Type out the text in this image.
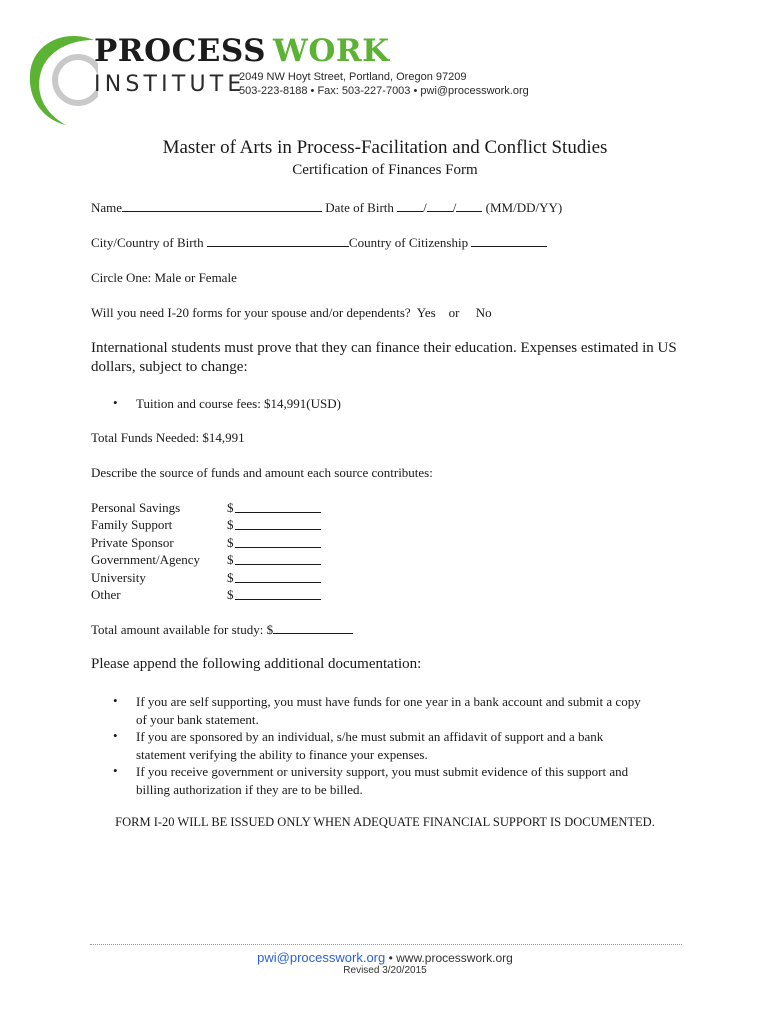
PROCESS WORK
INSTITUTE
2049 NW Hoyt Street, Portland, Oregon 97209
503-223-8188 • Fax: 503-227-7003 • pwi@processwork.org
Master of Arts in Process-Facilitation and Conflict Studies
Certification of Finances Form
Name	Date of Birth / / (MM/DD/YY)
City/Country of Birth	Country of Citizenship
Circle One: Male or Female
Will you need I-20 forms for your spouse and/or dependents? Yes or No
International students must prove that they can finance their education. Expenses estimated in US dollars, subject to change:
• Tuition and course fees: $14,991(USD)
Total Funds Needed: $14,991
Describe the source of funds and amount each source contributes:
Personal Savings	$
Family Support	$
Private Sponsor	$
Government/Agency $
University	$
Other	$
Total amount available for study: $
Please append the following additional documentation:
• If you are self supporting, you must have funds for one year in a bank account and submit a copy
of your bank statement.
• If you are sponsored by an individual, s/he must submit an affidavit of support and a bank
statement verifying the ability to finance your expenses.
• If you receive government or university support, you must submit evidence of this support and
billing authorization if they are to be billed.
FORM I-20 WILL BE ISSUED ONLY WHEN ADEQUATE FINANCIAL SUPPORT IS DOCUMENTED.
pwi@processwork.org • www.processwork.org
Revised 3/20/2015
